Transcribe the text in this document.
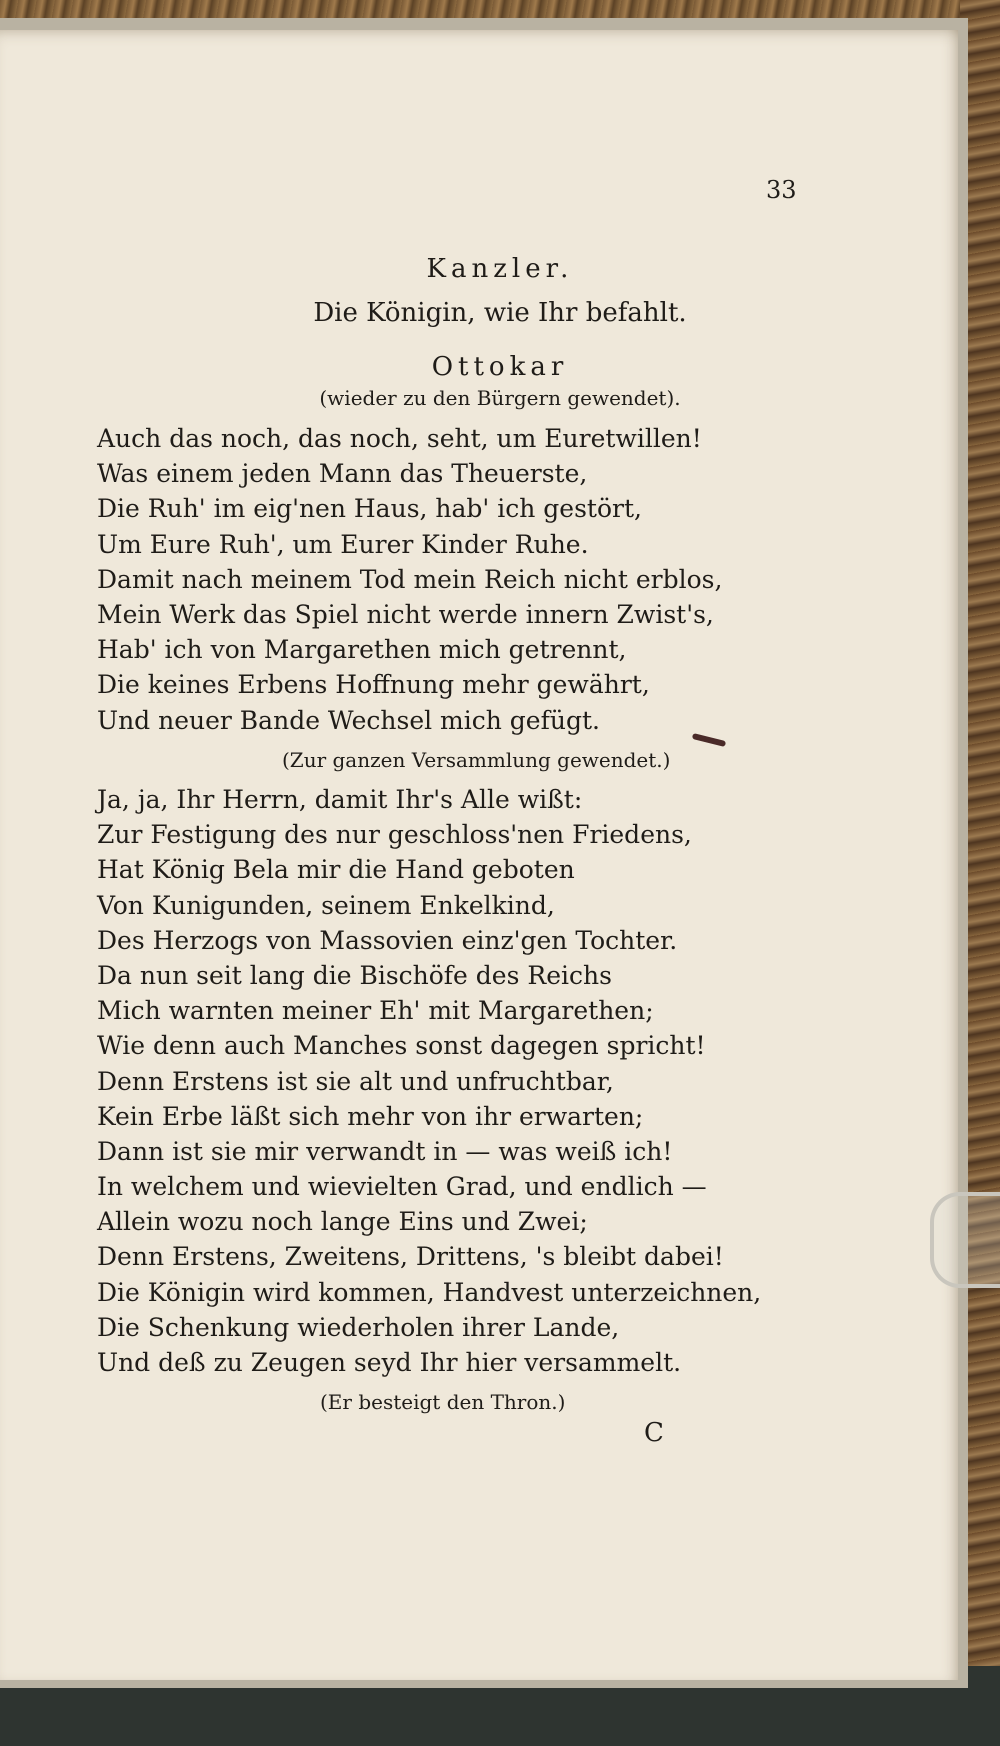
33
Kanzler.
Die Königin, wie Ihr befahlt.
Ottokar
(wieder zu den Bürgern gewendet).
Auch das noch, das noch, seht, um Euretwillen!
Was einem jeden Mann das Theuerste,
Die Ruh' im eig'nen Haus, hab' ich gestört,
Um Eure Ruh', um Eurer Kinder Ruhe.
Damit nach meinem Tod mein Reich nicht erblos,
Mein Werk das Spiel nicht werde innern Zwist's,
Hab' ich von Margarethen mich getrennt,
Die keines Erbens Hoffnung mehr gewährt,
Und neuer Bande Wechsel mich gefügt.
(Zur ganzen Versammlung gewendet.)
Ja, ja, Ihr Herrn, damit Ihr's Alle wißt:
Zur Festigung des nur geschloss'nen Friedens,
Hat König Bela mir die Hand geboten
Von Kunigunden, seinem Enkelkind,
Des Herzogs von Massovien einz'gen Tochter.
Da nun seit lang die Bischöfe des Reichs
Mich warnten meiner Eh' mit Margarethen;
Wie denn auch Manches sonst dagegen spricht!
Denn Erstens ist sie alt und unfruchtbar,
Kein Erbe läßt sich mehr von ihr erwarten;
Dann ist sie mir verwandt in — was weiß ich!
In welchem und wievielten Grad, und endlich —
Allein wozu noch lange Eins und Zwei;
Denn Erstens, Zweitens, Drittens, 's bleibt dabei!
Die Königin wird kommen, Handvest unterzeichnen,
Die Schenkung wiederholen ihrer Lande,
Und deß zu Zeugen seyd Ihr hier versammelt.
(Er besteigt den Thron.)
C
